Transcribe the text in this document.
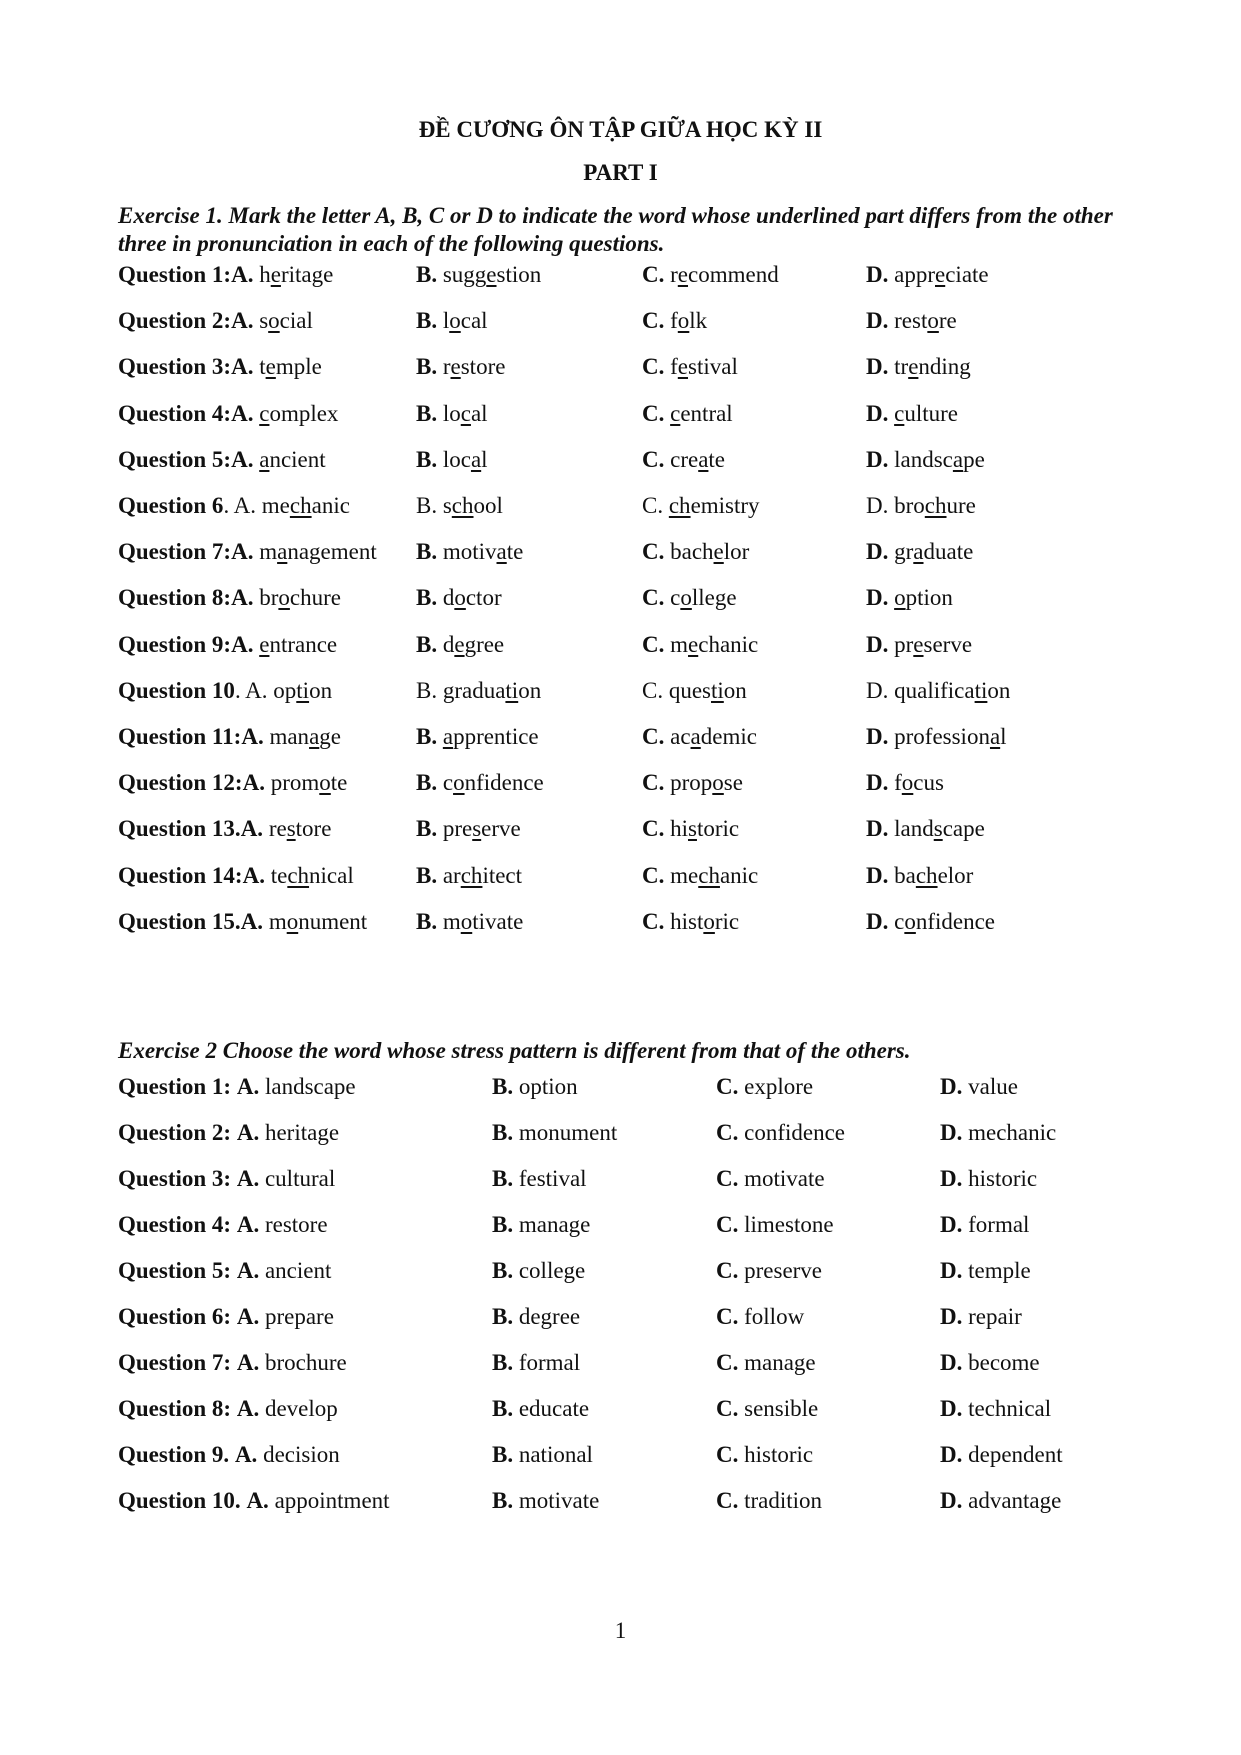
ĐỀ CƯƠNG ÔN TẬP GIỮA HỌC KỲ II
PART I
Exercise 1. Mark the letter A, B, C or D to indicate the word whose underlined part differs from the other three in pronunciation in each of the following questions.
Question 1:A. heritage	B. suggestion	C. recommend	D. appreciate
Question 2:A. social	B. local	C. folk	D. restore
Question 3:A. temple	B. restore	C. festival	D. trending
Question 4:A. complex	B. local	C. central	D. culture
Question 5:A. ancient	B. local	C. create	D. landscape
Question 6. A. mechanic	B. school	C. chemistry	D. brochure
Question 7:A. management B. motivate	C. bachelor	D. graduate
Question 8:A. brochure	B. doctor	C. college	D. option
Question 9:A. entrance	B. degree	C. mechanic	D. preserve
Question 10. A. option	B. graduation	C. question	D. qualification
Question 11:A. manage	B. apprentice	C. academic	D. professional
Question 12:A. promote	B. confidence	C. propose	D. focus
Question 13.A. restore	B. preserve	C. historic	D. landscape
Question 14:A. technical	B. architect	C. mechanic	D. bachelor
Question 15.A. monument B. motivate	C. historic	D. confidence
Exercise 2 Choose the word whose stress pattern is different from that of the others.
Question 1: A. landscape	B. option	C. explore	D. value
Question 2: A. heritage	B. monument	C. confidence	D. mechanic
Question 3: A. cultural	B. festival	C. motivate	D. historic
Question 4: A. restore	B. manage	C. limestone	D. formal
Question 5: A. ancient	B. college	C. preserve	D. temple
Question 6: A. prepare	B. degree	C. follow	D. repair
Question 7: A. brochure	B. formal	C. manage	D. become
Question 8: A. develop	B. educate	C. sensible	D. technical
Question 9. A. decision	B. national	C. historic	D. dependent
Question 10. A. appointment	B. motivate	C. tradition	D. advantage
1
